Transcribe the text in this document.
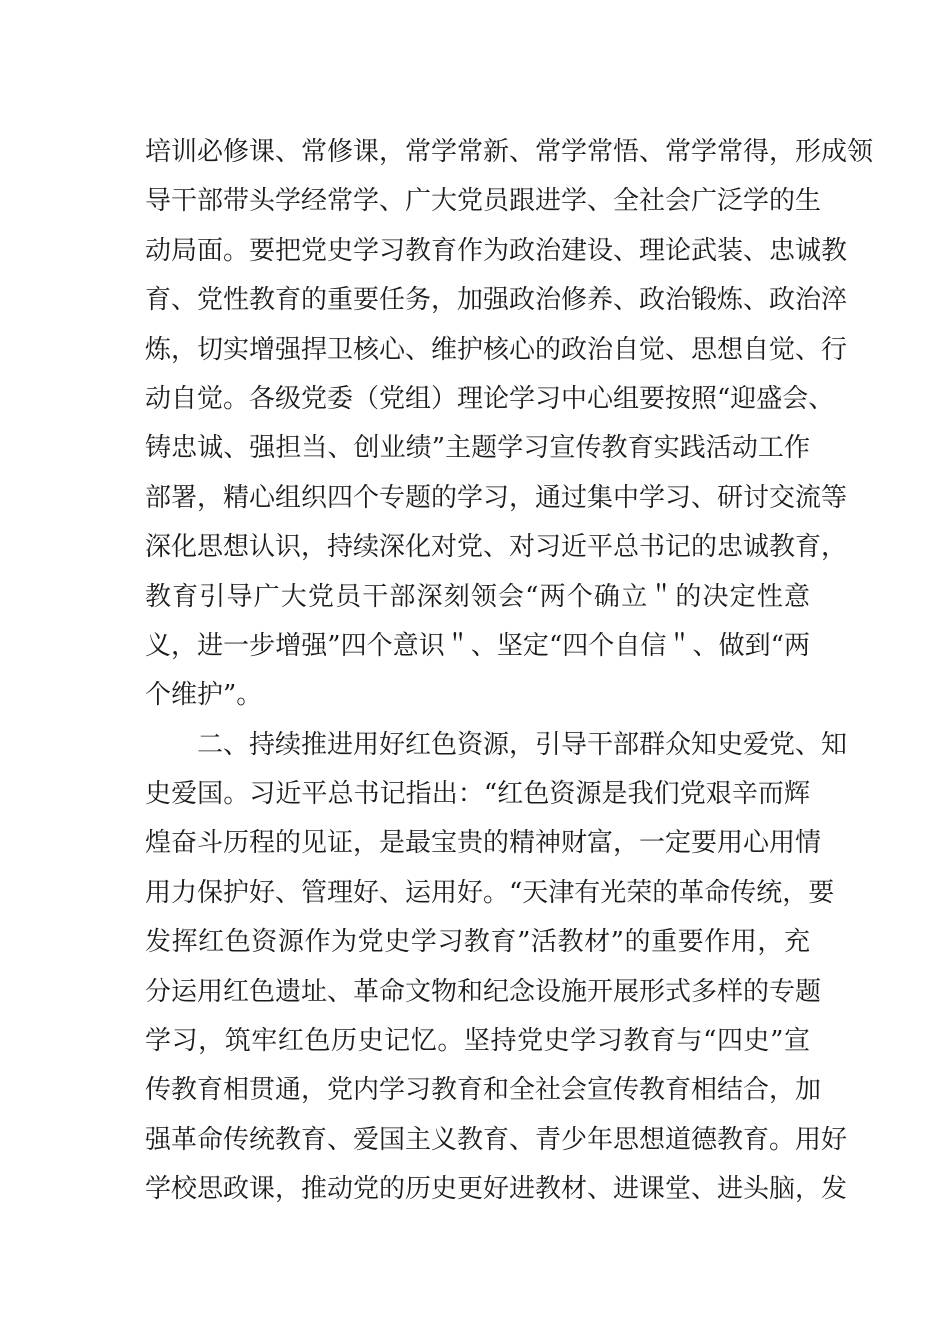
培训必修课、常修课，常学常新、常学常悟、常学常得，形成领
导干部带头学经常学、广大党员跟进学、全社会广泛学的生
动局面。要把党史学习教育作为政治建设、理论武装、忠诚教
育、党性教育的重要任务，加强政治修养、政治锻炼、政治淬
炼，切实增强捍卫核心、维护核心的政治自觉、思想自觉、行
动自觉。各级党委（党组）理论学习中心组要按照“迎盛会、
铸忠诚、强担当、创业绩”主题学习宣传教育实践活动工作
部署，精心组织四个专题的学习，通过集中学习、研讨交流等
深化思想认识，持续深化对党、对习近平总书记的忠诚教育，
教育引导广大党员干部深刻领会“两个确立＂的决定性意
义，进一步增强”四个意识＂、坚定“四个自信＂、做到“两
个维护”。
二、持续推进用好红色资源，引导干部群众知史爱党、知
史爱国。习近平总书记指出：“红色资源是我们党艰辛而辉
煌奋斗历程的见证，是最宝贵的精神财富，一定要用心用情
用力保护好、管理好、运用好。“天津有光荣的革命传统，要
发挥红色资源作为党史学习教育”活教材”的重要作用，充
分运用红色遗址、革命文物和纪念设施开展形式多样的专题
学习，筑牢红色历史记忆。坚持党史学习教育与“四史”宣
传教育相贯通，党内学习教育和全社会宣传教育相结合，加
强革命传统教育、爱国主义教育、青少年思想道德教育。用好
学校思政课，推动党的历史更好进教材、进课堂、进头脑，发
